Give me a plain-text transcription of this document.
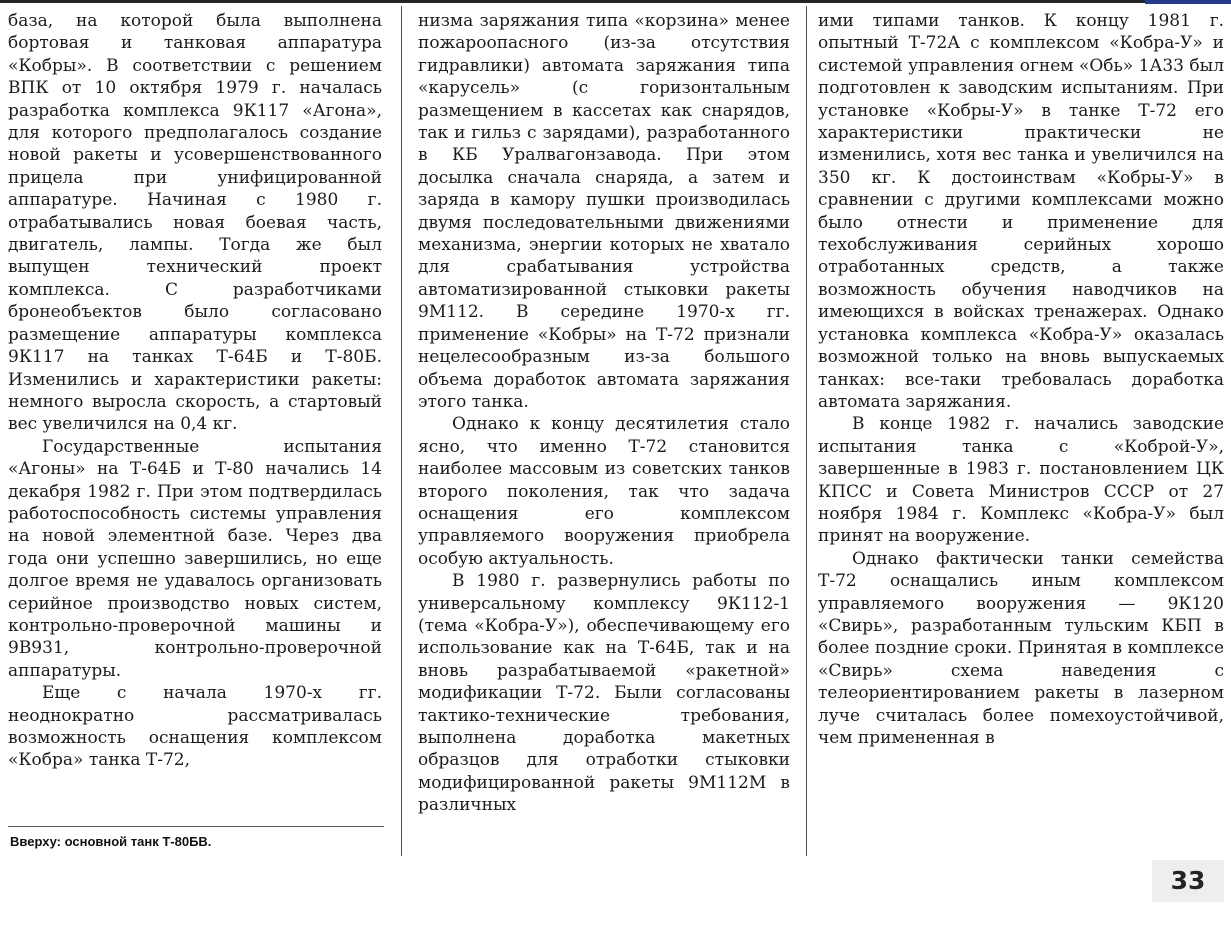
база, на которой была выполнена бортовая и танковая аппаратура «Кобры». В соответствии с решением ВПК от 10 октября 1979 г. началась разработка комплекса 9К117 «Агона», для которого предполагалось создание новой ракеты и усовершенствованного прицела при унифицированной аппаратуре. Начиная с 1980 г. отрабатывались новая боевая часть, двигатель, лампы. Тогда же был выпущен технический проект комплекса. С разработчиками бронеобъектов было согласовано размещение аппаратуры комплекса 9К117 на танках Т-64Б и Т-80Б. Изменились и характеристики ракеты: немного выросла скорость, а стартовый вес увеличился на 0,4 кг.

Государственные испытания «Агоны» на Т-64Б и Т-80 начались 14 декабря 1982 г. При этом подтвердилась работоспособность системы управления на новой элементной базе. Через два года они успешно завершились, но еще долгое время не удавалось организовать серийное производство новых систем, контрольно-проверочной машины и 9В931, контрольно-проверочной аппаратуры.

Еще с начала 1970-х гг. неоднократно рассматривалась возможность оснащения комплексом «Кобра» танка Т-72,

низма заряжания типа «корзина» менее пожароопасного (из-за отсутствия гидравлики) автомата заряжания типа «карусель» (с горизонтальным размещением в кассетах как снарядов, так и гильз с зарядами), разработанного в КБ Уралвагонзавода. При этом досылка сначала снаряда, а затем и заряда в камору пушки производилась двумя последовательными движениями механизма, энергии которых не хватало для срабатывания устройства автоматизированной стыковки ракеты 9М112. В середине 1970-х гг. применение «Кобры» на Т-72 признали нецелесообразным из-за большого объема доработок автомата заряжания этого танка.

Однако к концу десятилетия стало ясно, что именно Т-72 становится наиболее массовым из советских танков второго поколения, так что задача оснащения его комплексом управляемого вооружения приобрела особую актуальность.

В 1980 г. развернулись работы по универсальному комплексу 9К112-1 (тема «Кобра-У»), обеспечивающему его использование как на Т-64Б, так и на вновь разрабатываемой «ракетной» модификации Т-72. Были согласованы тактико-технические требования, выполнена доработка макетных образцов для отработки стыковки модифицированной ракеты 9М112М в различных

ими типами танков. К концу 1981 г. опытный Т-72А с комплексом «Кобра-У» и системой управления огнем «Обь» 1А33 был подготовлен к заводским испытаниям. При установке «Кобры-У» в танке Т-72 его характеристики практически не изменились, хотя вес танка и увеличился на 350 кг. К достоинствам «Кобры-У» в сравнении с другими комплексами можно было отнести и применение для техобслуживания серийных хорошо отработанных средств, а также возможность обучения наводчиков на имеющихся в войсках тренажерах. Однако установка комплекса «Кобра-У» оказалась возможной только на вновь выпускаемых танках: все-таки требовалась доработка автомата заряжания.

В конце 1982 г. начались заводские испытания танка с «Коброй-У», завершенные в 1983 г. постановлением ЦК КПСС и Совета Министров СССР от 27 ноября 1984 г. Комплекс «Кобра-У» был принят на вооружение.

Однако фактически танки семейства Т-72 оснащались иным комплексом управляемого вооружения — 9К120 «Свирь», разработанным тульским КБП в более поздние сроки. Принятая в комплексе «Свирь» схема наведения с телеориентированием ракеты в лазерном луче считалась более помехоустойчивой, чем примененная в

Вверху: основной танк Т-80БВ.
33
